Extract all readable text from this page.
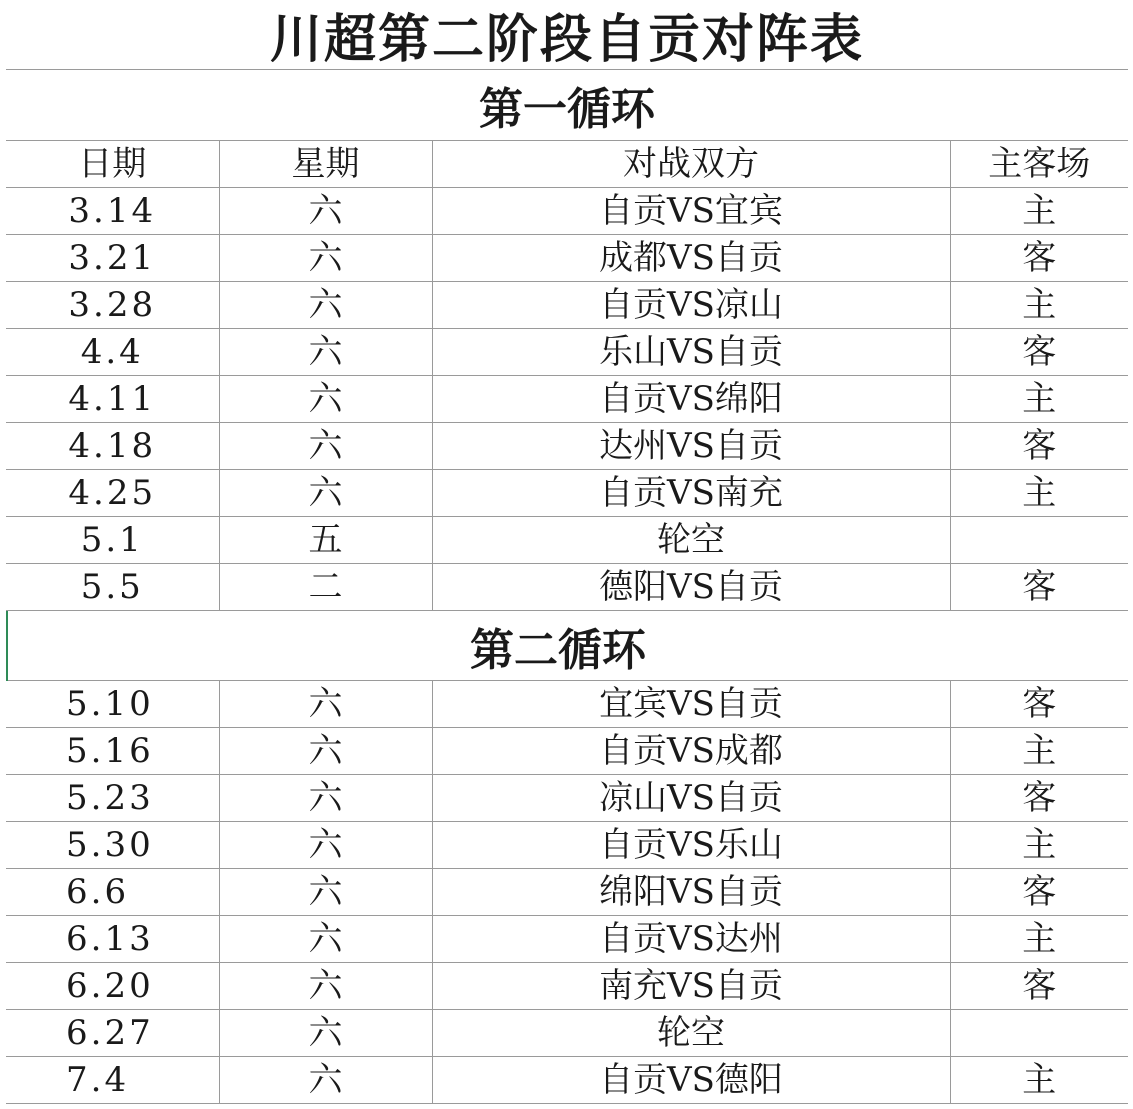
川超第二阶段自贡对阵表
第一循环
日期	星期	对战双方	主客场
3.14	六	自贡VS宜宾	主
3.21	六	成都VS自贡	客
3.28	六	自贡VS凉山	主
4.4	六	乐山VS自贡	客
4.11	六	自贡VS绵阳	主
4.18	六	达州VS自贡	客
4.25	六	自贡VS南充	主
5.1	五	轮空	
5.5	二	德阳VS自贡	客
第二循环
5.10	六	宜宾VS自贡	客
5.16	六	自贡VS成都	主
5.23	六	凉山VS自贡	客
5.30	六	自贡VS乐山	主
6.6	六	绵阳VS自贡	客
6.13	六	自贡VS达州	主
6.20	六	南充VS自贡	客
6.27	六	轮空	
7.4	六	自贡VS德阳	主
